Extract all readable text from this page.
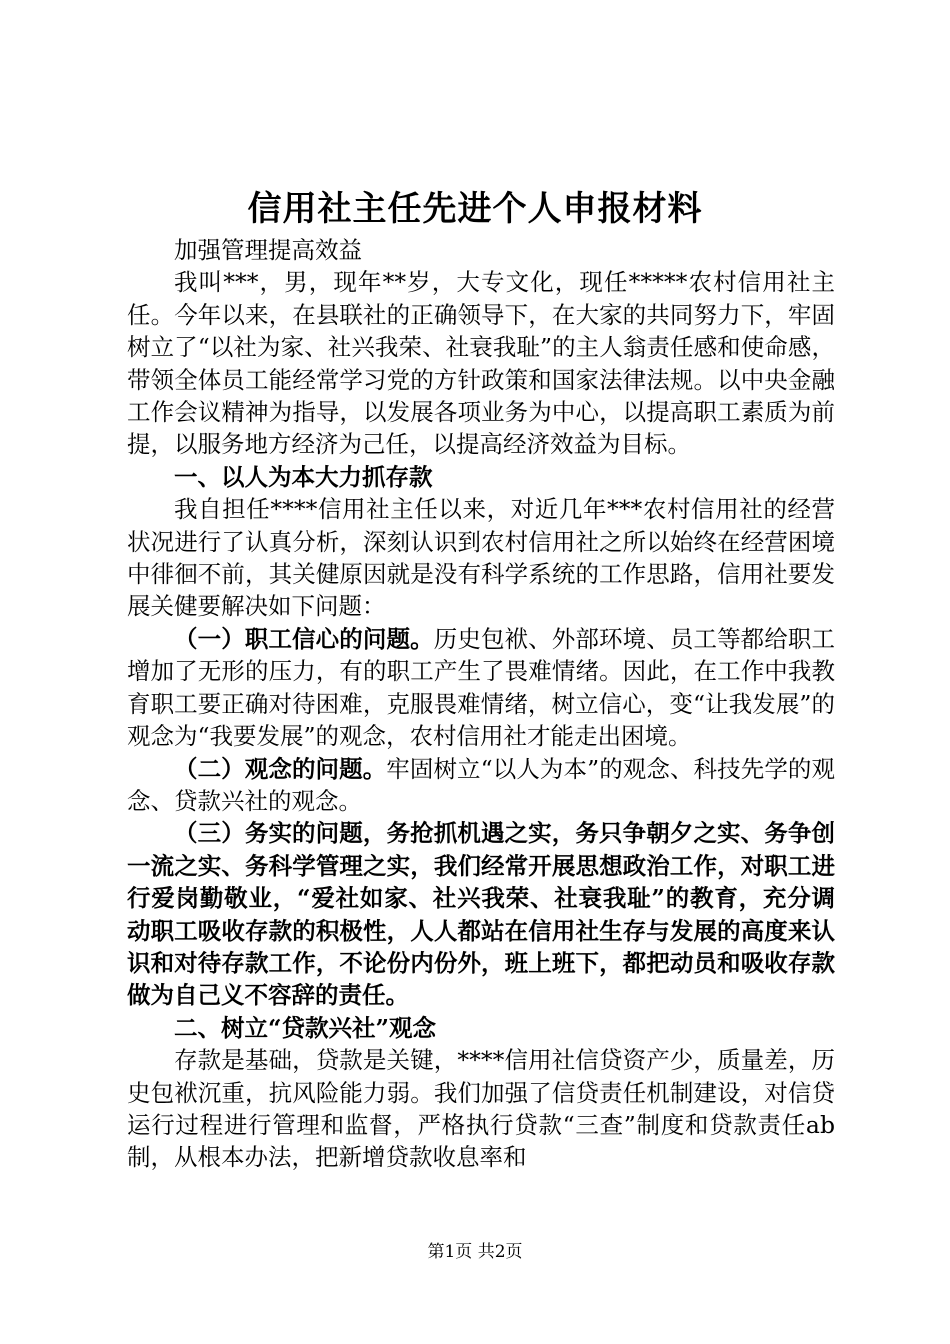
信用社主任先进个人申报材料

加强管理提高效益

我叫***，男，现年**岁，大专文化，现任*****农村信用社主任。今年以来，在县联社的正确领导下，在大家的共同努力下，牢固树立了“以社为家、社兴我荣、社衰我耻”的主人翁责任感和使命感，带领全体员工能经常学习党的方针政策和国家法律法规。以中央金融工作会议精神为指导，以发展各项业务为中心，以提高职工素质为前提，以服务地方经济为己任，以提高经济效益为目标。

一、以人为本大力抓存款

我自担任****信用社主任以来，对近几年***农村信用社的经营状况进行了认真分析，深刻认识到农村信用社之所以始终在经营困境中徘徊不前，其关健原因就是没有科学系统的工作思路，信用社要发展关健要解决如下问题：

（一）职工信心的问题。历史包袱、外部环境、员工等都给职工增加了无形的压力，有的职工产生了畏难情绪。因此，在工作中我教育职工要正确对待困难，克服畏难情绪，树立信心，变“让我发展”的观念为“我要发展”的观念，农村信用社才能走出困境。

（二）观念的问题。牢固树立“以人为本”的观念、科技先学的观念、贷款兴社的观念。

（三）务实的问题，务抢抓机遇之实，务只争朝夕之实、务争创一流之实、务科学管理之实，我们经常开展思想政治工作，对职工进行爱岗勤敬业，“爱社如家、社兴我荣、社衰我耻”的教育，充分调动职工吸收存款的积极性，人人都站在信用社生存与发展的高度来认识和对待存款工作，不论份内份外，班上班下，都把动员和吸收存款做为自己义不容辞的责任。

二、树立“贷款兴社”观念

存款是基础，贷款是关键，****信用社信贷资产少，质量差，历史包袱沉重，抗风险能力弱。我们加强了信贷责任机制建设，对信贷运行过程进行管理和监督，严格执行贷款“三查”制度和贷款责任ab制，从根本办法，把新增贷款收息率和

第1页 共2页
